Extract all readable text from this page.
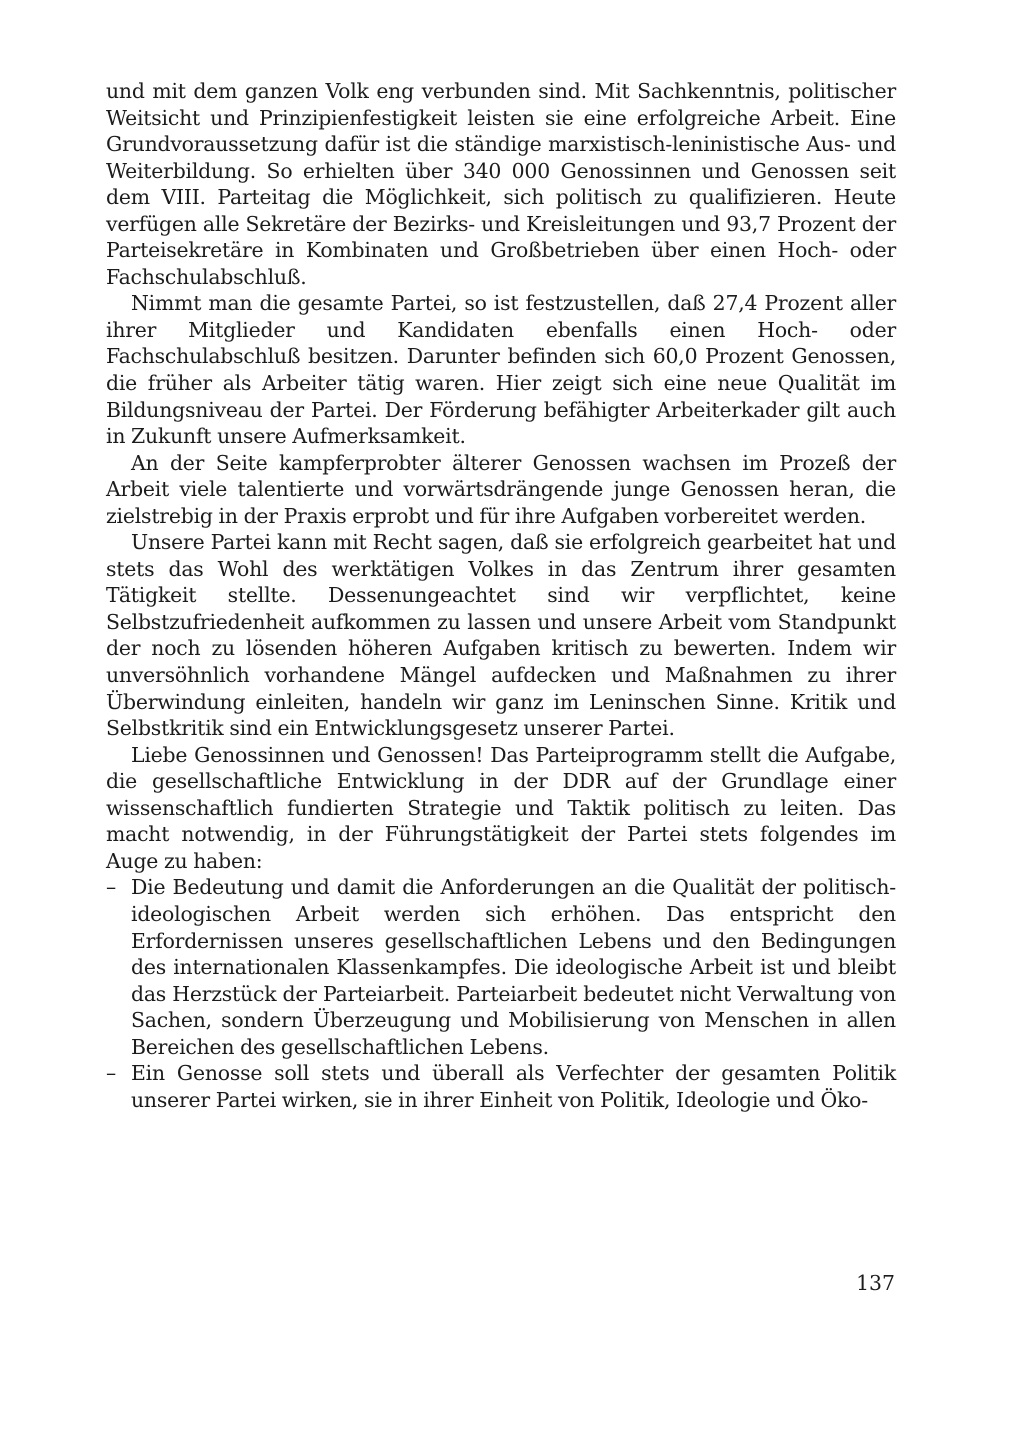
und mit dem ganzen Volk eng verbunden sind. Mit Sachkenntnis, politischer Weitsicht und Prinzipienfestigkeit leisten sie eine erfolgreiche Arbeit. Eine Grundvoraussetzung dafür ist die ständige marxistisch-leninistische Aus- und Weiterbildung. So erhielten über 340 000 Genossinnen und Genossen seit dem VIII. Parteitag die Möglichkeit, sich politisch zu qualifizieren. Heute verfügen alle Sekretäre der Bezirks- und Kreisleitungen und 93,7 Prozent der Parteisekretäre in Kombinaten und Großbetrieben über einen Hoch- oder Fachschulabschluß.

Nimmt man die gesamte Partei, so ist festzustellen, daß 27,4 Prozent aller ihrer Mitglieder und Kandidaten ebenfalls einen Hoch- oder Fachschulabschluß besitzen. Darunter befinden sich 60,0 Prozent Genossen, die früher als Arbeiter tätig waren. Hier zeigt sich eine neue Qualität im Bildungsniveau der Partei. Der Förderung befähigter Arbeiterkader gilt auch in Zukunft unsere Aufmerksamkeit.

An der Seite kampferprobter älterer Genossen wachsen im Prozeß der Arbeit viele talentierte und vorwärtsdrängende junge Genossen heran, die zielstrebig in der Praxis erprobt und für ihre Aufgaben vorbereitet werden.

Unsere Partei kann mit Recht sagen, daß sie erfolgreich gearbeitet hat und stets das Wohl des werktätigen Volkes in das Zentrum ihrer gesamten Tätigkeit stellte. Dessenungeachtet sind wir verpflichtet, keine Selbstzufriedenheit aufkommen zu lassen und unsere Arbeit vom Standpunkt der noch zu lösenden höheren Aufgaben kritisch zu bewerten. Indem wir unversöhnlich vorhandene Mängel aufdecken und Maßnahmen zu ihrer Überwindung einleiten, handeln wir ganz im Leninschen Sinne. Kritik und Selbstkritik sind ein Entwicklungsgesetz unserer Partei.

Liebe Genossinnen und Genossen! Das Parteiprogramm stellt die Aufgabe, die gesellschaftliche Entwicklung in der DDR auf der Grundlage einer wissenschaftlich fundierten Strategie und Taktik politisch zu leiten. Das macht notwendig, in der Führungstätigkeit der Partei stets folgendes im Auge zu haben:

– Die Bedeutung und damit die Anforderungen an die Qualität der politisch-ideologischen Arbeit werden sich erhöhen. Das entspricht den Erfordernissen unseres gesellschaftlichen Lebens und den Bedingungen des internationalen Klassenkampfes. Die ideologische Arbeit ist und bleibt das Herzstück der Parteiarbeit. Parteiarbeit bedeutet nicht Verwaltung von Sachen, sondern Überzeugung und Mobilisierung von Menschen in allen Bereichen des gesellschaftlichen Lebens.
– Ein Genosse soll stets und überall als Verfechter der gesamten Politik unserer Partei wirken, sie in ihrer Einheit von Politik, Ideologie und Öko-
137
